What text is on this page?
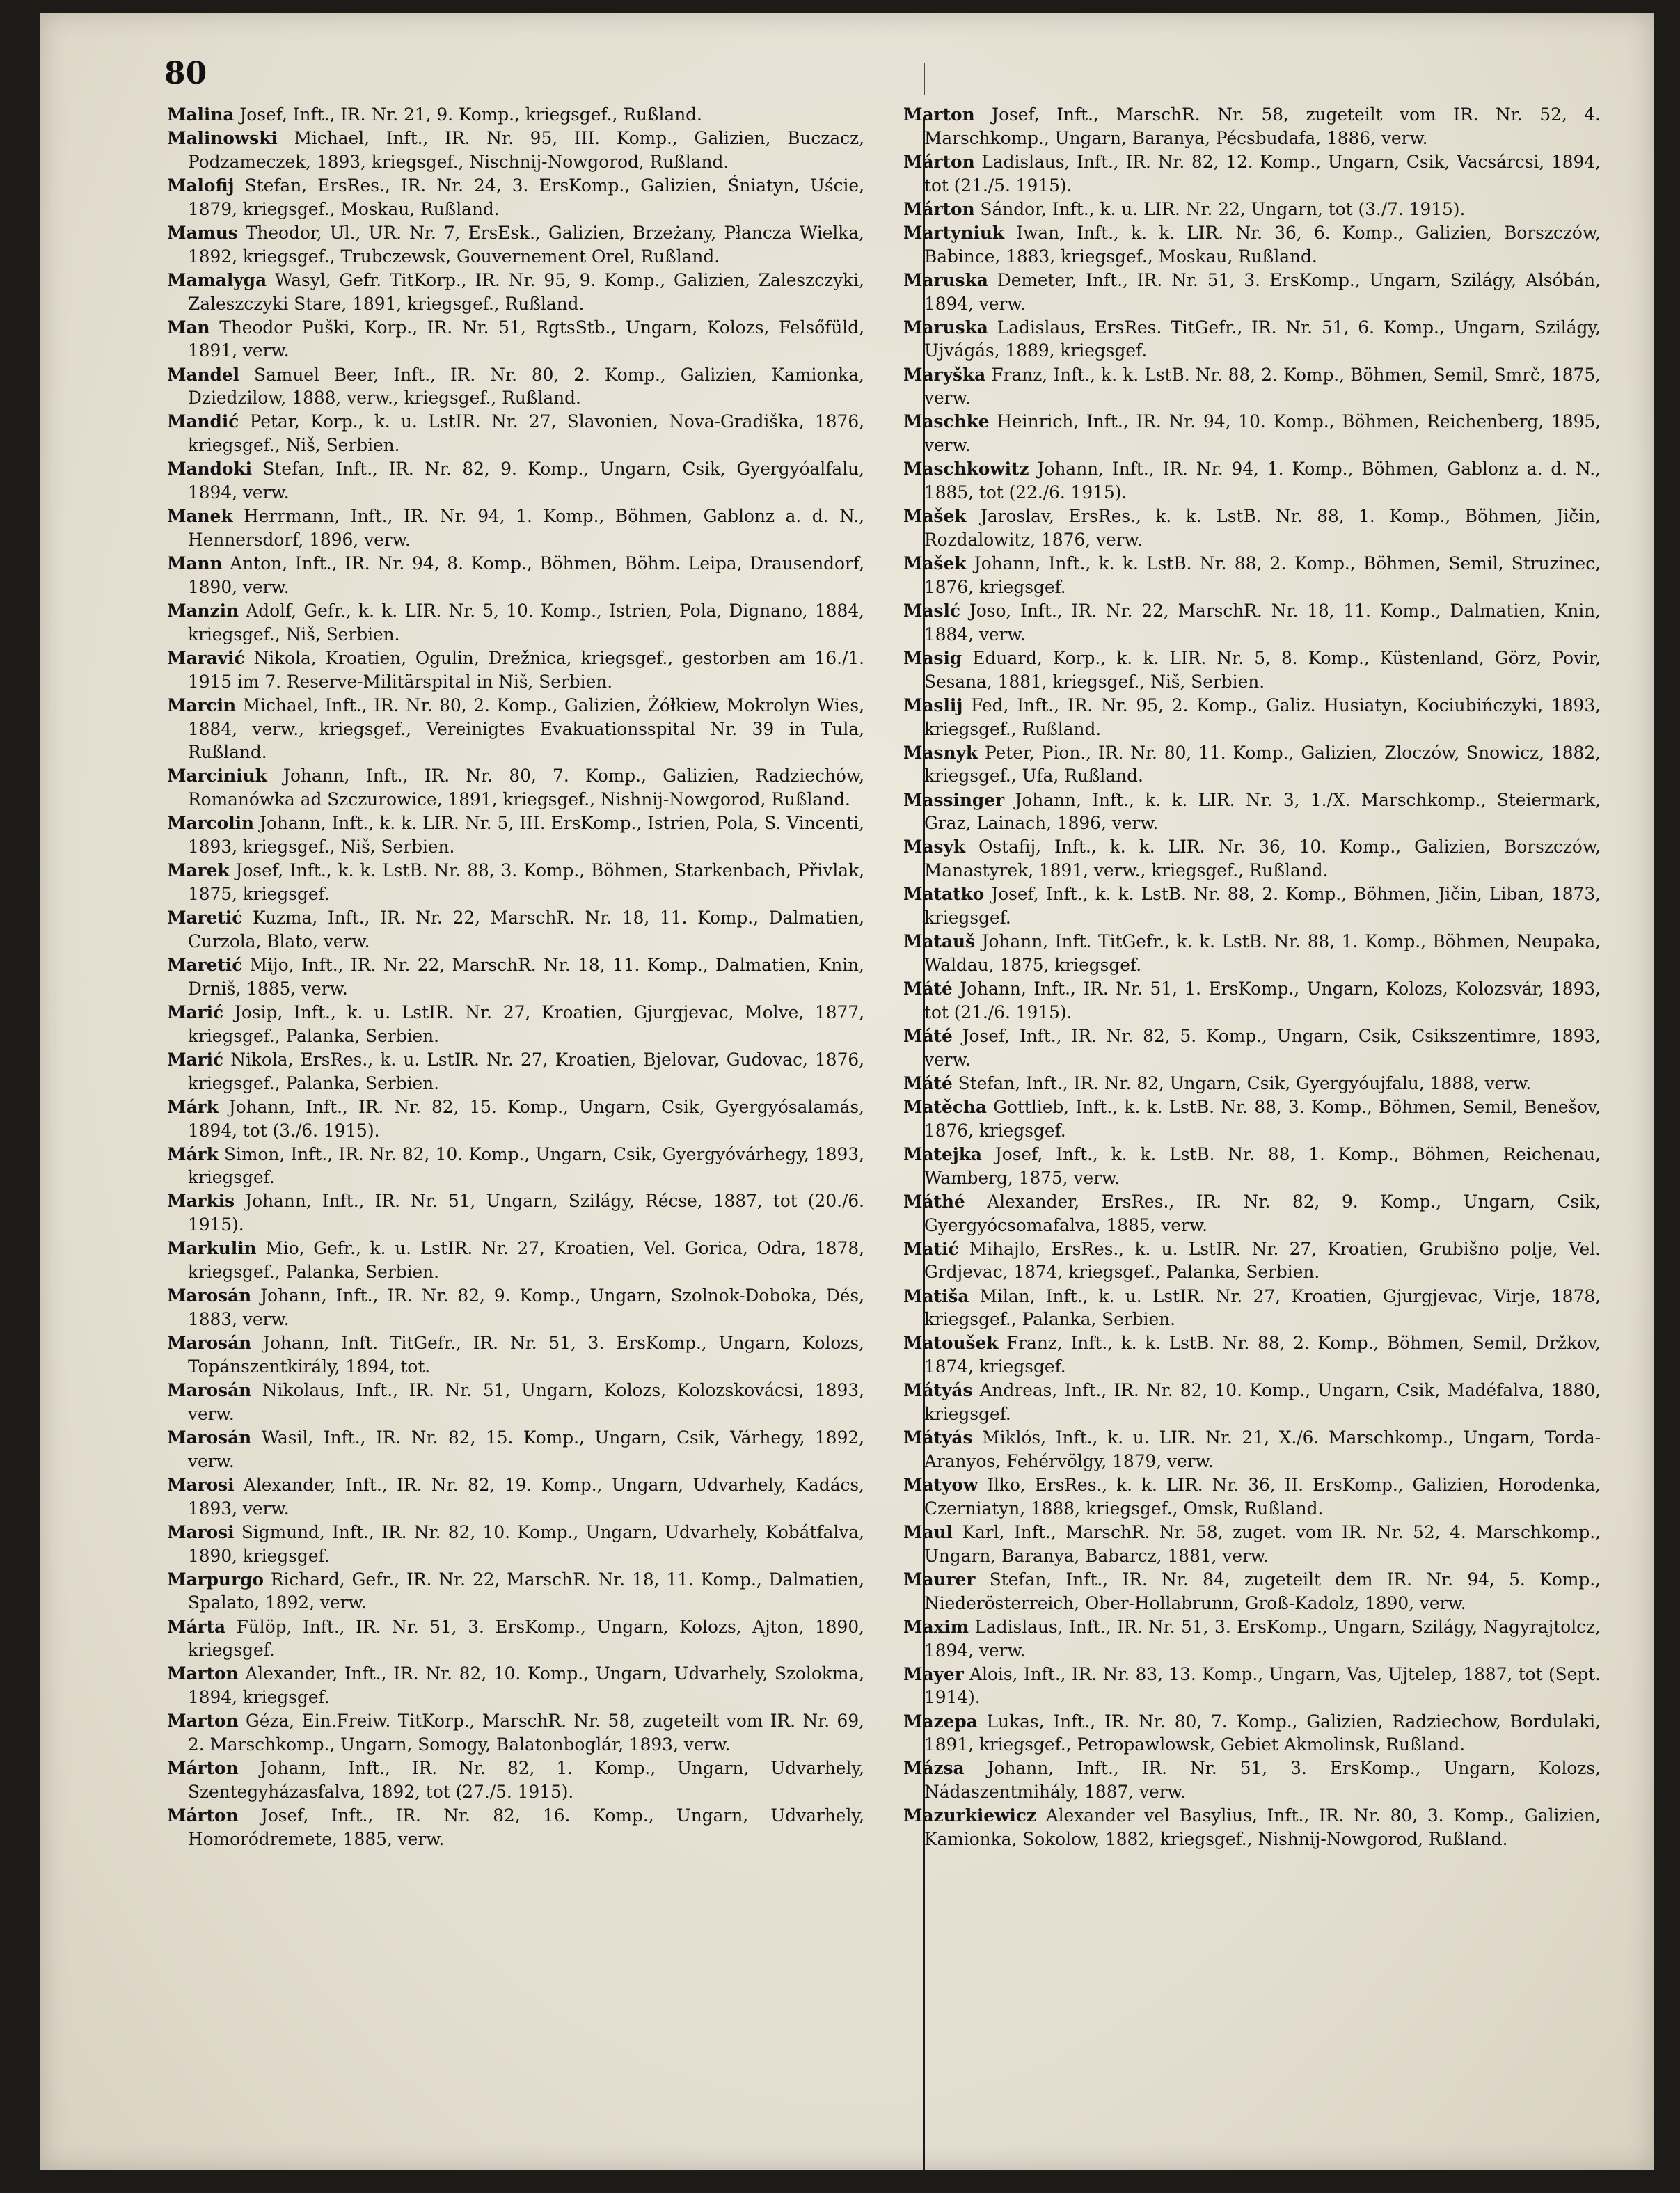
80

Malina Josef, Inft., IR. Nr. 21, 9. Komp., kriegsgef., Rußland.

Malinowski Michael, Inft., IR. Nr. 95, III. Komp., Galizien, Buczacz, Podzameczek, 1893, kriegsgef., Nischnij-Nowgorod, Rußland.

Malofij Stefan, ErsRes., IR. Nr. 24, 3. ErsKomp., Galizien, Śniatyn, Uście, 1879, kriegsgef., Moskau, Rußland.

Mamus Theodor, Ul., UR. Nr. 7, ErsEsk., Galizien, Brzeżany, Płancza Wielka, 1892, kriegsgef., Trubczewsk, Gouvernement Orel, Rußland.

Mamalyga Wasyl, Gefr. TitKorp., IR. Nr. 95, 9. Komp., Galizien, Zaleszczyki, Zaleszczyki Stare, 1891, kriegsgef., Rußland.

Man Theodor Puški, Korp., IR. Nr. 51, RgtsStb., Ungarn, Kolozs, Felsőfüld, 1891, verw.

Mandel Samuel Beer, Inft., IR. Nr. 80, 2. Komp., Galizien, Kamionka, Dziedzilow, 1888, verw., kriegsgef., Rußland.

Mandić Petar, Korp., k. u. LstIR. Nr. 27, Slavonien, Nova-Gradiška, 1876, kriegsgef., Niš, Serbien.

Mandoki Stefan, Inft., IR. Nr. 82, 9. Komp., Ungarn, Csik, Gyergyóalfalu, 1894, verw.

Manek Herrmann, Inft., IR. Nr. 94, 1. Komp., Böhmen, Gablonz a. d. N., Hennersdorf, 1896, verw.

Mann Anton, Inft., IR. Nr. 94, 8. Komp., Böhmen, Böhm. Leipa, Drausendorf, 1890, verw.

Manzin Adolf, Gefr., k. k. LIR. Nr. 5, 10. Komp., Istrien, Pola, Dignano, 1884, kriegsgef., Niš, Serbien.

Maravić Nikola, Kroatien, Ogulin, Drežnica, kriegsgef., gestorben am 16./1. 1915 im 7. Reserve-Militärspital in Niš, Serbien.

Marcin Michael, Inft., IR. Nr. 80, 2. Komp., Galizien, Żółkiew, Mokrolyn Wies, 1884, verw., kriegsgef., Vereinigtes Evakuationsspital Nr. 39 in Tula, Rußland.

Marciniuk Johann, Inft., IR. Nr. 80, 7. Komp., Galizien, Radziechów, Romanówka ad Szczurowice, 1891, kriegsgef., Nishnij-Nowgorod, Rußland.

Marcolin Johann, Inft., k. k. LIR. Nr. 5, III. ErsKomp., Istrien, Pola, S. Vincenti, 1893, kriegsgef., Niš, Serbien.

Marek Josef, Inft., k. k. LstB. Nr. 88, 3. Komp., Böhmen, Starkenbach, Přivlak, 1875, kriegsgef.

Maretić Kuzma, Inft., IR. Nr. 22, MarschR. Nr. 18, 11. Komp., Dalmatien, Curzola, Blato, verw.

Maretić Mijo, Inft., IR. Nr. 22, MarschR. Nr. 18, 11. Komp., Dalmatien, Knin, Drniš, 1885, verw.

Marić Josip, Inft., k. u. LstIR. Nr. 27, Kroatien, Gjurgjevac, Molve, 1877, kriegsgef., Palanka, Serbien.

Marić Nikola, ErsRes., k. u. LstIR. Nr. 27, Kroatien, Bjelovar, Gudovac, 1876, kriegsgef., Palanka, Serbien.

Márk Johann, Inft., IR. Nr. 82, 15. Komp., Ungarn, Csik, Gyergyósalamás, 1894, tot (3./6. 1915).

Márk Simon, Inft., IR. Nr. 82, 10. Komp., Ungarn, Csik, Gyergyóvárhegy, 1893, kriegsgef.

Markis Johann, Inft., IR. Nr. 51, Ungarn, Szilágy, Récse, 1887, tot (20./6. 1915).

Markulin Mio, Gefr., k. u. LstIR. Nr. 27, Kroatien, Vel. Gorica, Odra, 1878, kriegsgef., Palanka, Serbien.

Marosán Johann, Inft., IR. Nr. 82, 9. Komp., Ungarn, Szolnok-Doboka, Dés, 1883, verw.

Marosán Johann, Inft. TitGefr., IR. Nr. 51, 3. ErsKomp., Ungarn, Kolozs, Topánszentkirály, 1894, tot.

Marosán Nikolaus, Inft., IR. Nr. 51, Ungarn, Kolozs, Kolozskovácsi, 1893, verw.

Marosán Wasil, Inft., IR. Nr. 82, 15. Komp., Ungarn, Csik, Várhegy, 1892, verw.

Marosi Alexander, Inft., IR. Nr. 82, 19. Komp., Ungarn, Udvarhely, Kadács, 1893, verw.

Marosi Sigmund, Inft., IR. Nr. 82, 10. Komp., Ungarn, Udvarhely, Kobátfalva, 1890, kriegsgef.

Marpurgo Richard, Gefr., IR. Nr. 22, MarschR. Nr. 18, 11. Komp., Dalmatien, Spalato, 1892, verw.

Márta Fülöp, Inft., IR. Nr. 51, 3. ErsKomp., Ungarn, Kolozs, Ajton, 1890, kriegsgef.

Marton Alexander, Inft., IR. Nr. 82, 10. Komp., Ungarn, Udvarhely, Szolokma, 1894, kriegsgef.

Marton Géza, Ein.Freiw. TitKorp., MarschR. Nr. 58, zugeteilt vom IR. Nr. 69, 2. Marschkomp., Ungarn, Somogy, Balatonboglár, 1893, verw.

Márton Johann, Inft., IR. Nr. 82, 1. Komp., Ungarn, Udvarhely, Szentegyházasfalva, 1892, tot (27./5. 1915).

Márton Josef, Inft., IR. Nr. 82, 16. Komp., Ungarn, Udvarhely, Homoródremete, 1885, verw.

Marton Josef, Inft., MarschR. Nr. 58, zugeteilt vom IR. Nr. 52, 4. Marschkomp., Ungarn, Baranya, Pécsbudafa, 1886, verw.

Márton Ladislaus, Inft., IR. Nr. 82, 12. Komp., Ungarn, Csik, Vacsárcsi, 1894, tot (21./5. 1915).

Márton Sándor, Inft., k. u. LIR. Nr. 22, Ungarn, tot (3./7. 1915).

Martyniuk Iwan, Inft., k. k. LIR. Nr. 36, 6. Komp., Galizien, Borszczów, Babince, 1883, kriegsgef., Moskau, Rußland.

Maruska Demeter, Inft., IR. Nr. 51, 3. ErsKomp., Ungarn, Szilágy, Alsóbán, 1894, verw.

Maruska Ladislaus, ErsRes. TitGefr., IR. Nr. 51, 6. Komp., Ungarn, Szilágy, Ujvágás, 1889, kriegsgef.

Maryška Franz, Inft., k. k. LstB. Nr. 88, 2. Komp., Böhmen, Semil, Smrč, 1875, verw.

Maschke Heinrich, Inft., IR. Nr. 94, 10. Komp., Böhmen, Reichenberg, 1895, verw.

Maschkowitz Johann, Inft., IR. Nr. 94, 1. Komp., Böhmen, Gablonz a. d. N., 1885, tot (22./6. 1915).

Mašek Jaroslav, ErsRes., k. k. LstB. Nr. 88, 1. Komp., Böhmen, Jičin, Rozdalowitz, 1876, verw.

Mašek Johann, Inft., k. k. LstB. Nr. 88, 2. Komp., Böhmen, Semil, Struzinec, 1876, kriegsgef.

Maslć Joso, Inft., IR. Nr. 22, MarschR. Nr. 18, 11. Komp., Dalmatien, Knin, 1884, verw.

Masig Eduard, Korp., k. k. LIR. Nr. 5, 8. Komp., Küstenland, Görz, Povir, Sesana, 1881, kriegsgef., Niš, Serbien.

Maslij Fed, Inft., IR. Nr. 95, 2. Komp., Galiz. Husiatyn, Kociubińczyki, 1893, kriegsgef., Rußland.

Masnyk Peter, Pion., IR. Nr. 80, 11. Komp., Galizien, Zloczów, Snowicz, 1882, kriegsgef., Ufa, Rußland.

Massinger Johann, Inft., k. k. LIR. Nr. 3, 1./X. Marschkomp., Steiermark, Graz, Lainach, 1896, verw.

Masyk Ostafij, Inft., k. k. LIR. Nr. 36, 10. Komp., Galizien, Borszczów, Manastyrek, 1891, verw., kriegsgef., Rußland.

Matatko Josef, Inft., k. k. LstB. Nr. 88, 2. Komp., Böhmen, Jičin, Liban, 1873, kriegsgef.

Matauš Johann, Inft. TitGefr., k. k. LstB. Nr. 88, 1. Komp., Böhmen, Neupaka, Waldau, 1875, kriegsgef.

Máté Johann, Inft., IR. Nr. 51, 1. ErsKomp., Ungarn, Kolozs, Kolozsvár, 1893, tot (21./6. 1915).

Máté Josef, Inft., IR. Nr. 82, 5. Komp., Ungarn, Csik, Csikszentimre, 1893, verw.

Máté Stefan, Inft., IR. Nr. 82, Ungarn, Csik, Gyergyóujfalu, 1888, verw.

Matěcha Gottlieb, Inft., k. k. LstB. Nr. 88, 3. Komp., Böhmen, Semil, Benešov, 1876, kriegsgef.

Matejka Josef, Inft., k. k. LstB. Nr. 88, 1. Komp., Böhmen, Reichenau, Wamberg, 1875, verw.

Máthé Alexander, ErsRes., IR. Nr. 82, 9. Komp., Ungarn, Csik, Gyergyócsomafalva, 1885, verw.

Matić Mihajlo, ErsRes., k. u. LstIR. Nr. 27, Kroatien, Grubišno polje, Vel. Grdjevac, 1874, kriegsgef., Palanka, Serbien.

Matiša Milan, Inft., k. u. LstIR. Nr. 27, Kroatien, Gjurgjevac, Virje, 1878, kriegsgef., Palanka, Serbien.

Matoušek Franz, Inft., k. k. LstB. Nr. 88, 2. Komp., Böhmen, Semil, Držkov, 1874, kriegsgef.

Mátyás Andreas, Inft., IR. Nr. 82, 10. Komp., Ungarn, Csik, Madéfalva, 1880, kriegsgef.

Mátyás Miklós, Inft., k. u. LIR. Nr. 21, X./6. Marschkomp., Ungarn, Torda-Aranyos, Fehérvölgy, 1879, verw.

Matyow Ilko, ErsRes., k. k. LIR. Nr. 36, II. ErsKomp., Galizien, Horodenka, Czerniatyn, 1888, kriegsgef., Omsk, Rußland.

Maul Karl, Inft., MarschR. Nr. 58, zuget. vom IR. Nr. 52, 4. Marschkomp., Ungarn, Baranya, Babarcz, 1881, verw.

Maurer Stefan, Inft., IR. Nr. 84, zugeteilt dem IR. Nr. 94, 5. Komp., Niederösterreich, Ober-Hollabrunn, Groß-Kadolz, 1890, verw.

Maxim Ladislaus, Inft., IR. Nr. 51, 3. ErsKomp., Ungarn, Szilágy, Nagyrajtolcz, 1894, verw.

Mayer Alois, Inft., IR. Nr. 83, 13. Komp., Ungarn, Vas, Ujtelep, 1887, tot (Sept. 1914).

Mazepa Lukas, Inft., IR. Nr. 80, 7. Komp., Galizien, Radziechow, Bordulaki, 1891, kriegsgef., Petropawlowsk, Gebiet Akmolinsk, Rußland.

Mázsa Johann, Inft., IR. Nr. 51, 3. ErsKomp., Ungarn, Kolozs, Nádaszentmihály, 1887, verw.

Mazurkiewicz Alexander vel Basylius, Inft., IR. Nr. 80, 3. Komp., Galizien, Kamionka, Sokolow, 1882, kriegsgef., Nishnij-Nowgorod, Rußland.
